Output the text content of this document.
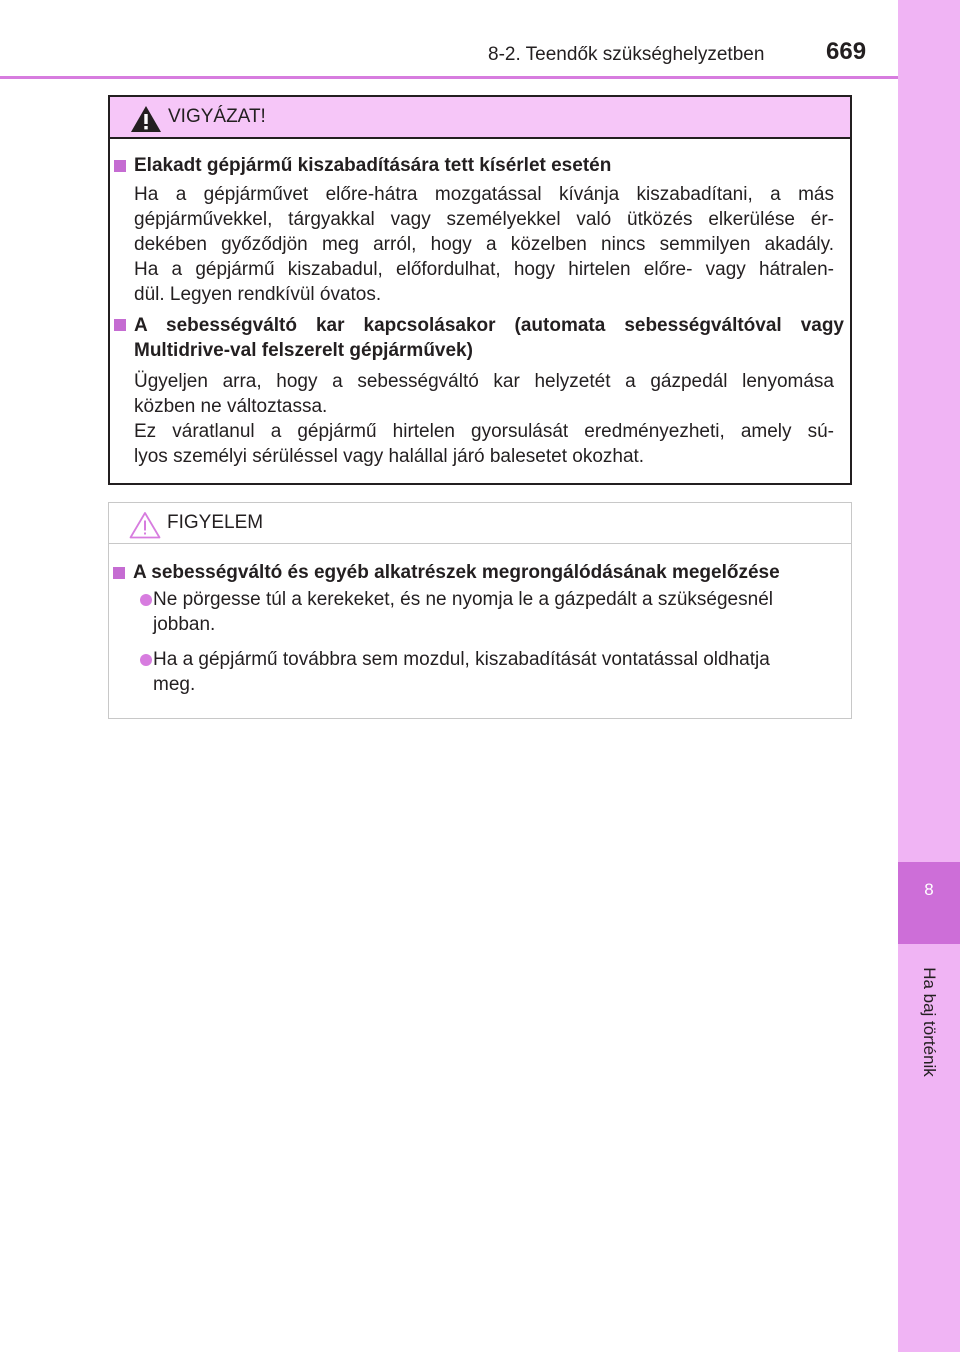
8-2. Teendők szükséghelyzetben	669
8
Ha baj történik
VIGYÁZAT!
Elakadt gépjármű kiszabadítására tett kísérlet esetén
Ha a gépjárművet előre-hátra mozgatással kívánja kiszabadítani, a más
gépjárművekkel, tárgyakkal vagy személyekkel való ütközés elkerülése ér-
dekében győződjön meg arról, hogy a közelben nincs semmilyen akadály.
Ha a gépjármű kiszabadul, előfordulhat, hogy hirtelen előre- vagy hátralen-
dül. Legyen rendkívül óvatos.
A sebességváltó kar kapcsolásakor (automata sebességváltóval vagy
Multidrive-val felszerelt gépjárművek)
Ügyeljen arra, hogy a sebességváltó kar helyzetét a gázpedál lenyomása
közben ne változtassa.
Ez váratlanul a gépjármű hirtelen gyorsulását eredményezheti, amely sú-
lyos személyi sérüléssel vagy halállal járó balesetet okozhat.
FIGYELEM
A sebességváltó és egyéb alkatrészek megrongálódásának megelőzése
Ne pörgesse túl a kerekeket, és ne nyomja le a gázpedált a szükségesnél
jobban.
Ha a gépjármű továbbra sem mozdul, kiszabadítását vontatással oldhatja
meg.
